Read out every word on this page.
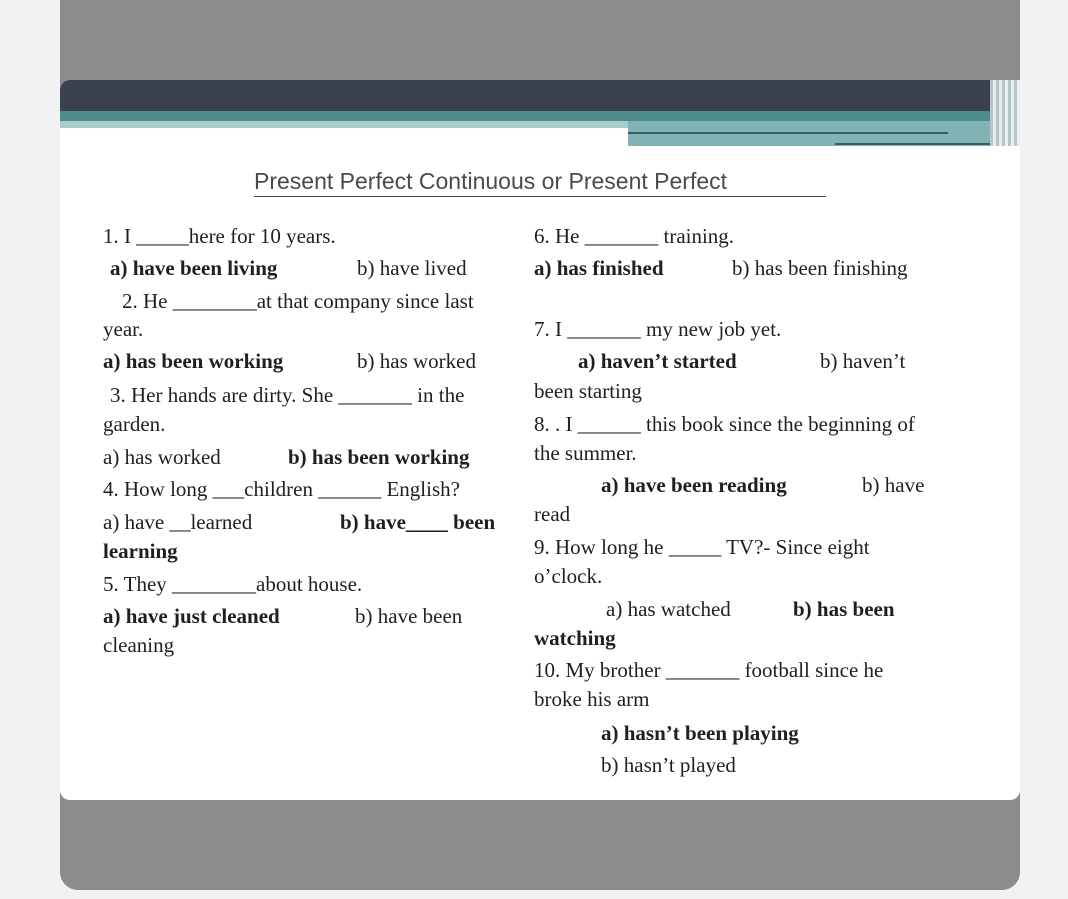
Present Perfect Continuous or Present Perfect
1. I _____here for 10 years.
a) have been living	b) have lived
2. He ________at that company since last
year.
a) has been working	b) has worked
3. Her hands are dirty. She _______ in the
garden.
a) has worked	b) has been working
4. How long ___children ______ English?
a) have __learned	b) have____ been
learning
5. They ________about house.
a) have just cleaned	b) have been
cleaning
6. He _______ training.
a) has finished	b) has been finishing
7. I _______ my new job yet.
a) haven’t started	b) haven’t
been starting
8. . I ______ this book since the beginning of
the summer.
a) have been reading	b) have
read
9. How long he _____ TV?- Since eight
o’clock.
a) has watched	b) has been
watching
10. My brother _______ football since he
broke his arm
a) hasn’t been playing
b) hasn’t played
